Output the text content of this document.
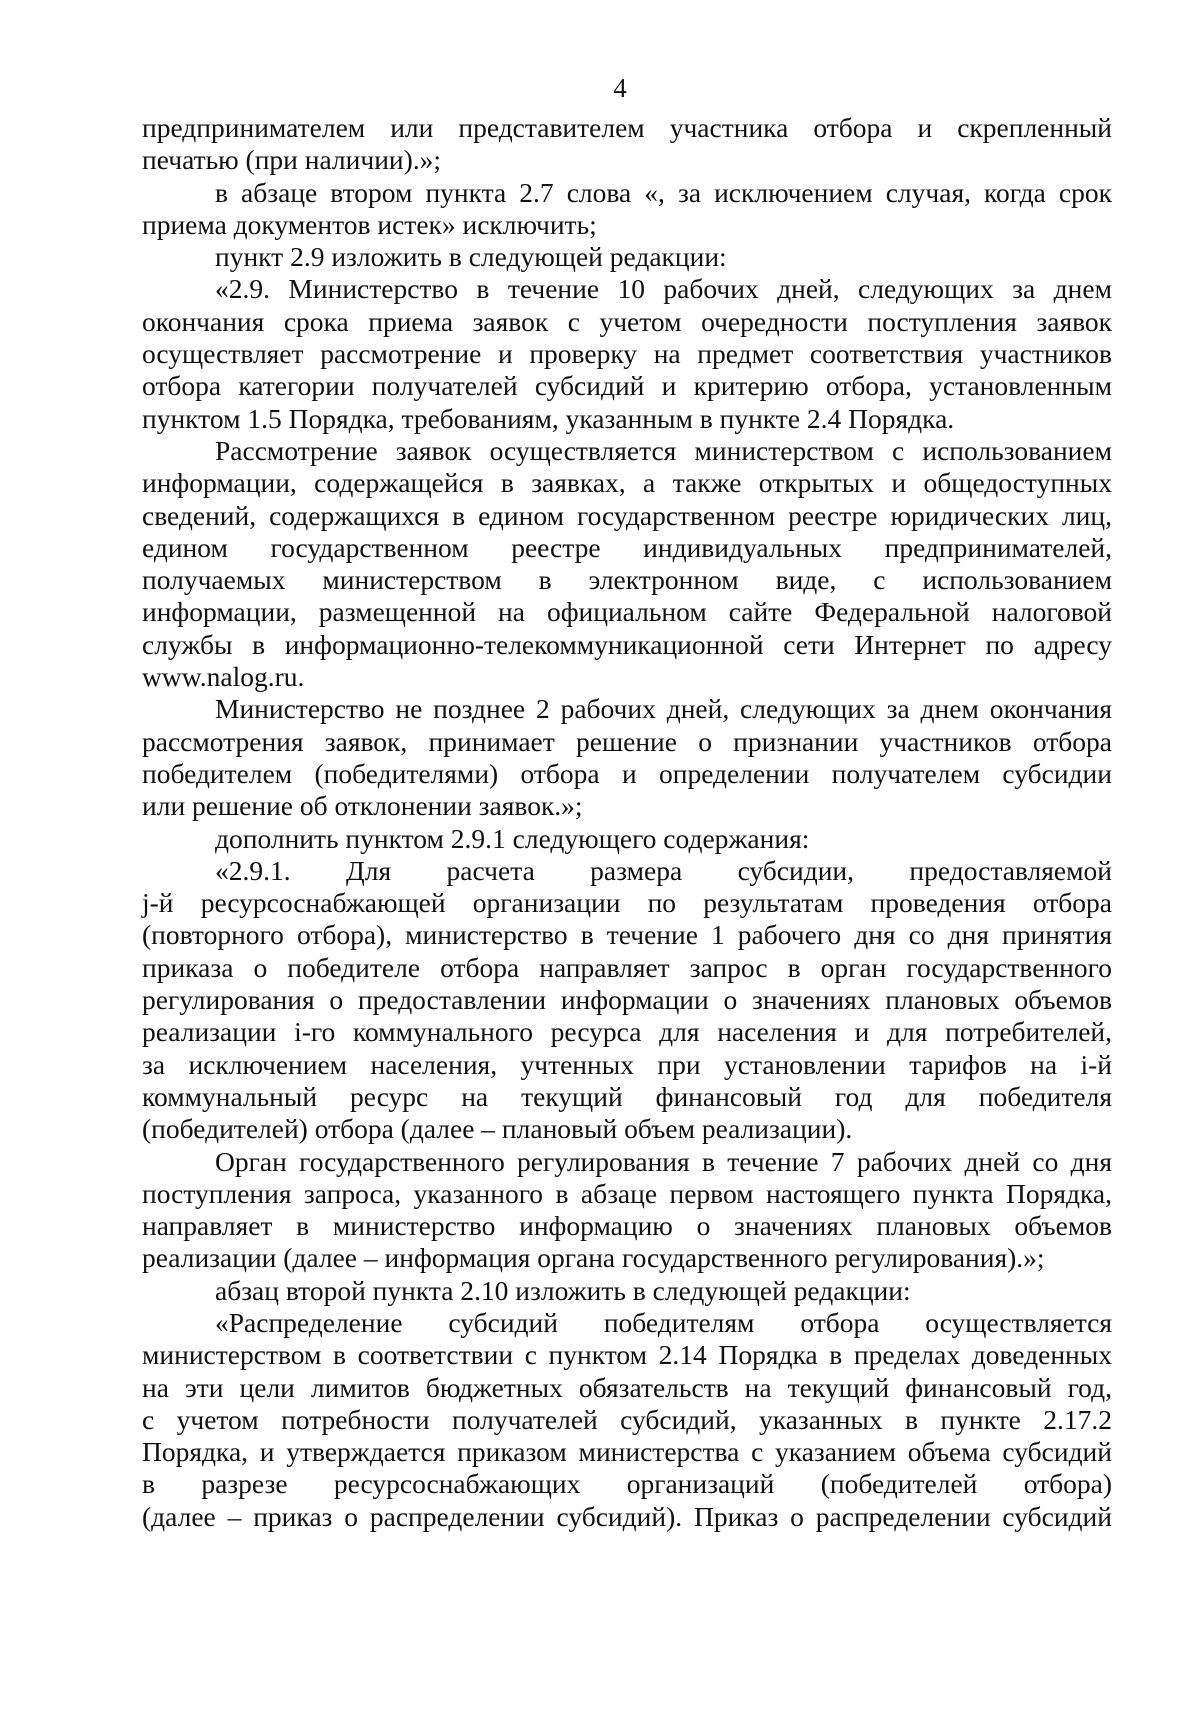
4
предпринимателем или представителем участника отбора и скрепленный
печатью (при наличии).»;
в абзаце втором пункта 2.7 слова «, за исключением случая, когда срок
приема документов истек» исключить;
пункт 2.9 изложить в следующей редакции:
«2.9. Министерство в течение 10 рабочих дней, следующих за днем
окончания срока приема заявок с учетом очередности поступления заявок
осуществляет рассмотрение и проверку на предмет соответствия участников
отбора категории получателей субсидий и критерию отбора, установленным
пунктом 1.5 Порядка, требованиям, указанным в пункте 2.4 Порядка.
Рассмотрение заявок осуществляется министерством с использованием
информации, содержащейся в заявках, а также открытых и общедоступных
сведений, содержащихся в едином государственном реестре юридических лиц,
едином государственном реестре индивидуальных предпринимателей,
получаемых министерством в электронном виде, с использованием
информации, размещенной на официальном сайте Федеральной налоговой
службы в информационно-телекоммуникационной сети Интернет по адресу
www.nalog.ru.
Министерство не позднее 2 рабочих дней, следующих за днем окончания
рассмотрения заявок, принимает решение о признании участников отбора
победителем (победителями) отбора и определении получателем субсидии
или решение об отклонении заявок.»;
дополнить пунктом 2.9.1 следующего содержания:
«2.9.1. Для расчета размера субсидии, предоставляемой
j-й ресурсоснабжающей организации по результатам проведения отбора
(повторного отбора), министерство в течение 1 рабочего дня со дня принятия
приказа о победителе отбора направляет запрос в орган государственного
регулирования о предоставлении информации о значениях плановых объемов
реализации i-го коммунального ресурса для населения и для потребителей,
за исключением населения, учтенных при установлении тарифов на i-й
коммунальный ресурс на текущий финансовый год для победителя
(победителей) отбора (далее – плановый объем реализации).
Орган государственного регулирования в течение 7 рабочих дней со дня
поступления запроса, указанного в абзаце первом настоящего пункта Порядка,
направляет в министерство информацию о значениях плановых объемов
реализации (далее – информация органа государственного регулирования).»;
абзац второй пункта 2.10 изложить в следующей редакции:
«Распределение субсидий победителям отбора осуществляется
министерством в соответствии с пунктом 2.14 Порядка в пределах доведенных
на эти цели лимитов бюджетных обязательств на текущий финансовый год,
с учетом потребности получателей субсидий, указанных в пункте 2.17.2
Порядка, и утверждается приказом министерства с указанием объема субсидий
в разрезе ресурсоснабжающих организаций (победителей отбора)
(далее – приказ о распределении субсидий). Приказ о распределении субсидий
